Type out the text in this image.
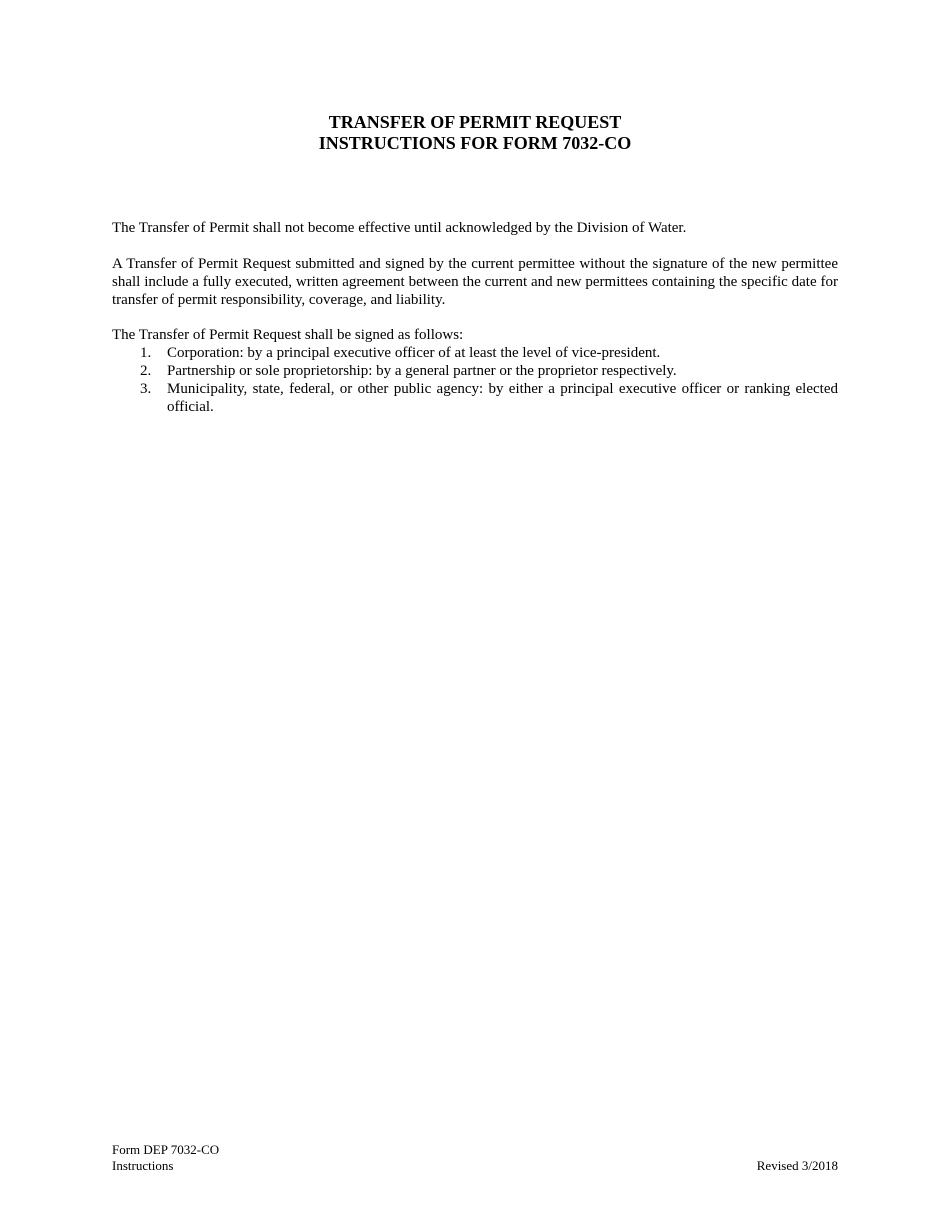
TRANSFER OF PERMIT REQUEST
INSTRUCTIONS FOR FORM 7032-CO
The Transfer of Permit shall not become effective until acknowledged by the Division of Water.
A Transfer of Permit Request submitted and signed by the current permittee without the signature of the new permittee shall include a fully executed, written agreement between the current and new permittees containing the specific date for transfer of permit responsibility, coverage, and liability.
The Transfer of Permit Request shall be signed as follows:
1. Corporation: by a principal executive officer of at least the level of vice-president.
2. Partnership or sole proprietorship: by a general partner or the proprietor respectively.
3. Municipality, state, federal, or other public agency: by either a principal executive officer or ranking elected official.
Form DEP 7032-CO
Instructions	Revised 3/2018
